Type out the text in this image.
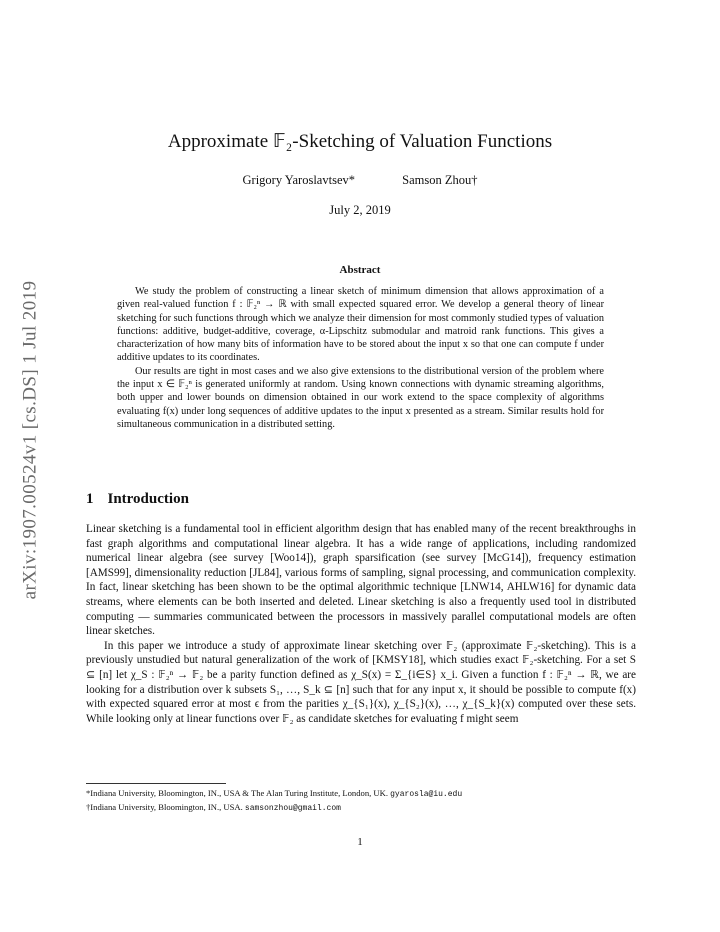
arXiv:1907.00524v1 [cs.DS] 1 Jul 2019
Approximate 𝔽₂-Sketching of Valuation Functions
Grigory Yaroslavtsev*	Samson Zhou†
July 2, 2019
Abstract

We study the problem of constructing a linear sketch of minimum dimension that allows approximation of a given real-valued function f : 𝔽₂ⁿ → ℝ with small expected squared error. We develop a general theory of linear sketching for such functions through which we analyze their dimension for most commonly studied types of valuation functions: additive, budget-additive, coverage, α-Lipschitz submodular and matroid rank functions. This gives a characterization of how many bits of information have to be stored about the input x so that one can compute f under additive updates to its coordinates.

Our results are tight in most cases and we also give extensions to the distributional version of the problem where the input x ∈ 𝔽₂ⁿ is generated uniformly at random. Using known connections with dynamic streaming algorithms, both upper and lower bounds on dimension obtained in our work extend to the space complexity of algorithms evaluating f(x) under long sequences of additive updates to the input x presented as a stream. Similar results hold for simultaneous communication in a distributed setting.

1 Introduction

Linear sketching is a fundamental tool in efficient algorithm design that has enabled many of the recent breakthroughs in fast graph algorithms and computational linear algebra. It has a wide range of applications, including randomized numerical linear algebra (see survey [Woo14]), graph sparsification (see survey [McG14]), frequency estimation [AMS99], dimensionality reduction [JL84], various forms of sampling, signal processing, and communication complexity. In fact, linear sketching has been shown to be the optimal algorithmic technique [LNW14, AHLW16] for dynamic data streams, where elements can be both inserted and deleted. Linear sketching is also a frequently used tool in distributed computing — summaries communicated between the processors in massively parallel computational models are often linear sketches.

In this paper we introduce a study of approximate linear sketching over 𝔽₂ (approximate 𝔽₂-sketching). This is a previously unstudied but natural generalization of the work of [KMSY18], which studies exact 𝔽₂-sketching. For a set S ⊆ [n] let χ_S : 𝔽₂ⁿ → 𝔽₂ be a parity function defined as χ_S(x) = Σ_{i∈S} x_i. Given a function f : 𝔽₂ⁿ → ℝ, we are looking for a distribution over k subsets S₁, …, S_k ⊆ [n] such that for any input x, it should be possible to compute f(x) with expected squared error at most ϵ from the parities χ_{S₁}(x), χ_{S₂}(x), …, χ_{S_k}(x) computed over these sets. While looking only at linear functions over 𝔽₂ as candidate sketches for evaluating f might seem

*Indiana University, Bloomington, IN., USA & The Alan Turing Institute, London, UK. gyarosla@iu.edu
†Indiana University, Bloomington, IN., USA. samsonzhou@gmail.com
1
